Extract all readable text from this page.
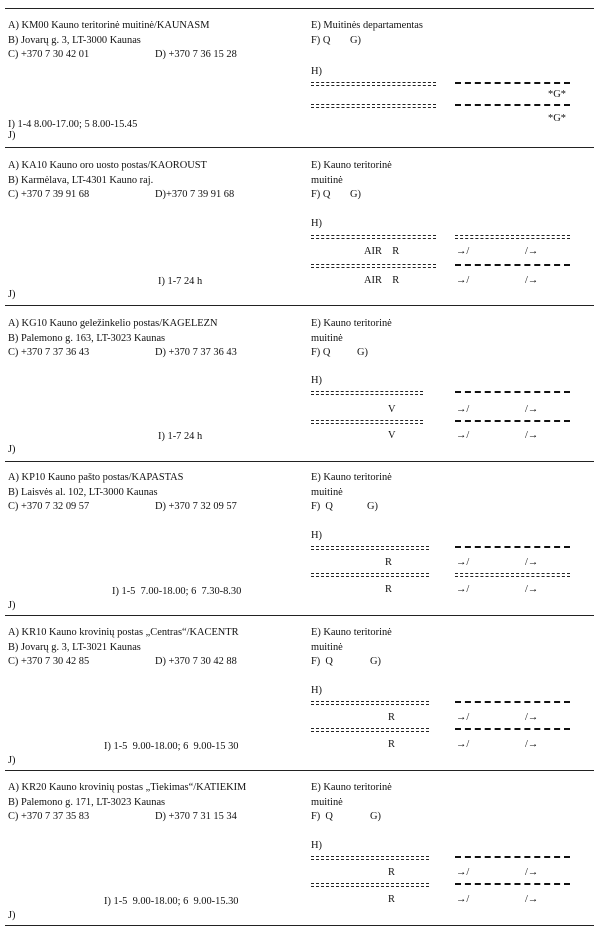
A) KM00 Kauno teritorinė muitinė/KAUNASM
B) Jovarų g. 3, LT-3000 Kaunas
C) +370 7 30 42 01	D) +370 7 36 15 28
E) Muitinės departamentas
F) Q G)
H)
*G*
*G*
I) 1-4 8.00-17.00; 5 8.00-15.45
J)
A) KA10 Kauno oro uosto postas/KAOROUST
B) Karmėlava, LT-4301 Kauno raj.
C) +370 7 39 91 68	D)+370 7 39 91 68
E) Kauno teritorinė
muitinė
F) Q G)
H)
AIR    R	→/	/→
AIR    R	→/	/→
I) 1-7 24 h
J)
A) KG10 Kauno geležinkelio postas/KAGELEZN
B) Palemono g. 163, LT-3023 Kaunas
C) +370 7 37 36 43	D) +370 7 37 36 43
E) Kauno teritorinė
muitinė
F) Q	G)
H)
V	→/	/→
V	→/	/→
I) 1-7 24 h
J)
A) KP10 Kauno pašto postas/KAPASTAS
B) Laisvės al. 102, LT-3000 Kaunas
C) +370 7 32 09 57	D) +370 7 32 09 57
E) Kauno teritorinė
muitinė
F)  Q	G)
H)
R	→/	/→
R	→/	/→
I) 1-5  7.00-18.00; 6  7.30-8.30
J)
A) KR10 Kauno krovinių postas „Centras“/KACENTR
B) Jovarų g. 3, LT-3021 Kaunas
C) +370 7 30 42 85	D) +370 7 30 42 88
E) Kauno teritorinė
muitinė
F)  Q	G)
H)
R	→/	/→
R	→/	/→
I) 1-5  9.00-18.00; 6  9.00-15 30
J)
A) KR20 Kauno krovinių postas „Tiekimas“/KATIEKIM
B) Palemono g. 171, LT-3023 Kaunas
C) +370 7 37 35 83	D) +370 7 31 15 34
E) Kauno teritorinė
muitinė
F)  Q	G)
H)
R	→/	/→
R	→/	/→
I) 1-5  9.00-18.00; 6  9.00-15.30
J)
